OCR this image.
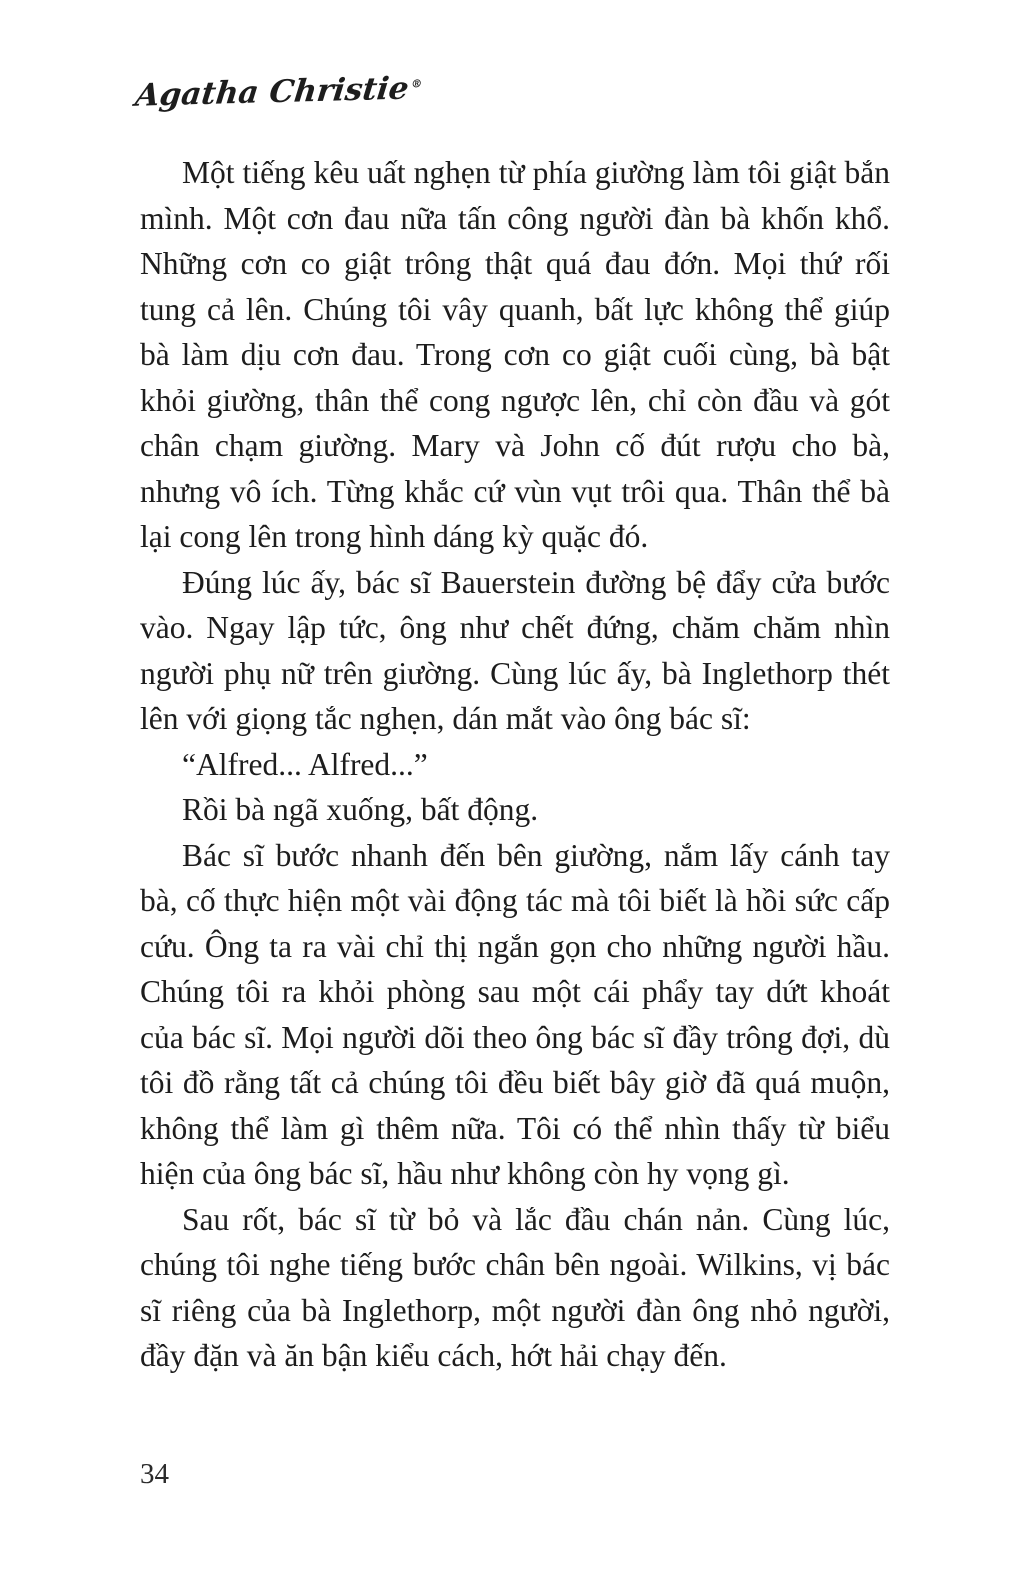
Agatha Christie®

Một tiếng kêu uất nghẹn từ phía giường làm tôi giật bắn mình. Một cơn đau nữa tấn công người đàn bà khốn khổ. Những cơn co giật trông thật quá đau đớn. Mọi thứ rối tung cả lên. Chúng tôi vây quanh, bất lực không thể giúp bà làm dịu cơn đau. Trong cơn co giật cuối cùng, bà bật khỏi giường, thân thể cong ngược lên, chỉ còn đầu và gót chân chạm giường. Mary và John cố đút rượu cho bà, nhưng vô ích. Từng khắc cứ vùn vụt trôi qua. Thân thể bà lại cong lên trong hình dáng kỳ quặc đó.

Đúng lúc ấy, bác sĩ Bauerstein đường bệ đẩy cửa bước vào. Ngay lập tức, ông như chết đứng, chăm chăm nhìn người phụ nữ trên giường. Cùng lúc ấy, bà Inglethorp thét lên với giọng tắc nghẹn, dán mắt vào ông bác sĩ:

“Alfred... Alfred...”

Rồi bà ngã xuống, bất động.

Bác sĩ bước nhanh đến bên giường, nắm lấy cánh tay bà, cố thực hiện một vài động tác mà tôi biết là hồi sức cấp cứu. Ông ta ra vài chỉ thị ngắn gọn cho những người hầu. Chúng tôi ra khỏi phòng sau một cái phẩy tay dứt khoát của bác sĩ. Mọi người dõi theo ông bác sĩ đầy trông đợi, dù tôi đồ rằng tất cả chúng tôi đều biết bây giờ đã quá muộn, không thể làm gì thêm nữa. Tôi có thể nhìn thấy từ biểu hiện của ông bác sĩ, hầu như không còn hy vọng gì.

Sau rốt, bác sĩ từ bỏ và lắc đầu chán nản. Cùng lúc, chúng tôi nghe tiếng bước chân bên ngoài. Wilkins, vị bác sĩ riêng của bà Inglethorp, một người đàn ông nhỏ người, đầy đặn và ăn bận kiểu cách, hớt hải chạy đến.

34
